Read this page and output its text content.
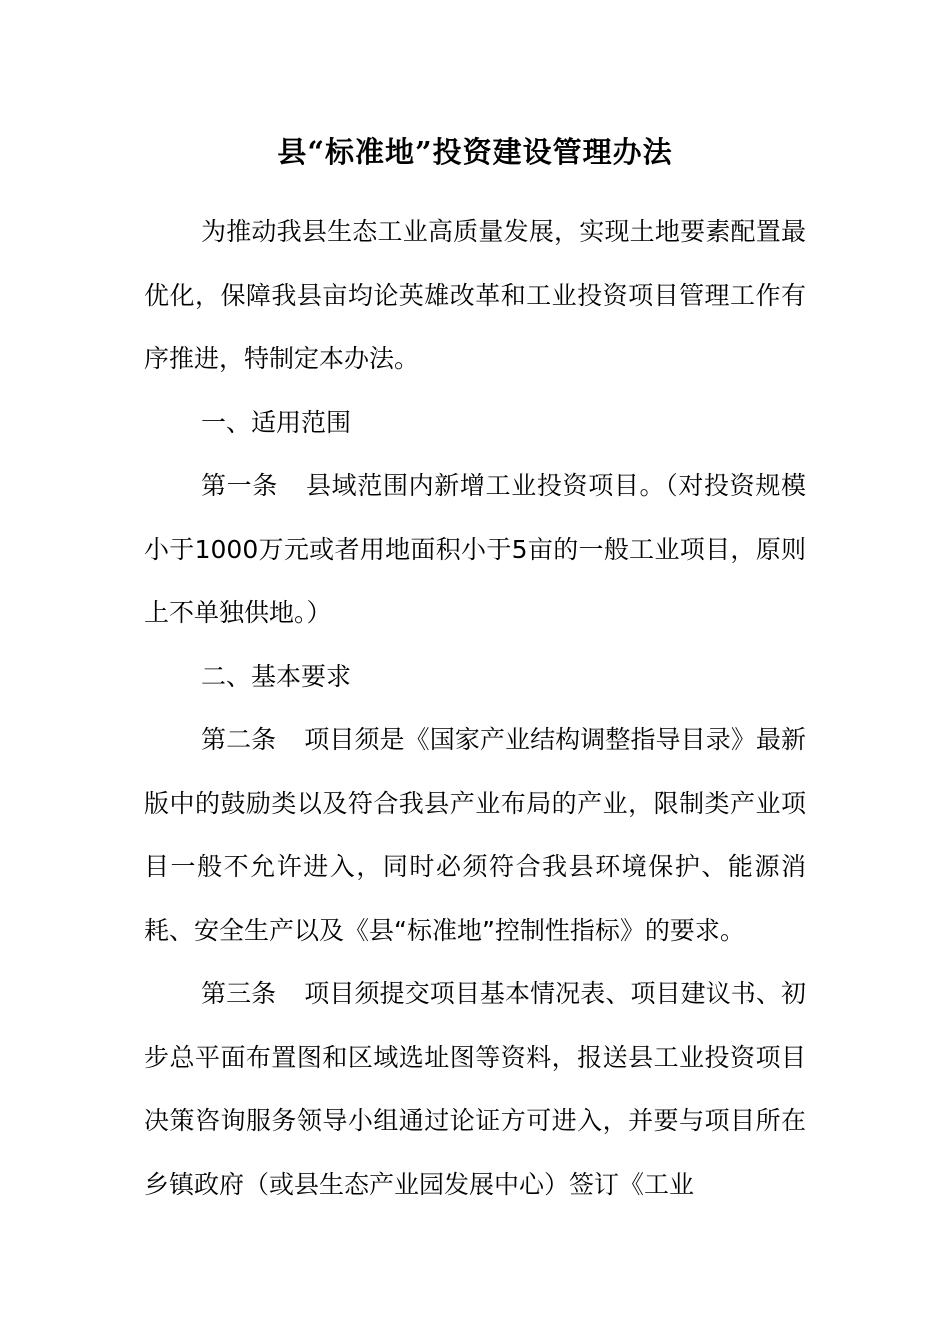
县“标准地”投资建设管理办法

为推动我县生态工业高质量发展，实现土地要素配置最优化，保障我县亩均论英雄改革和工业投资项目管理工作有序推进，特制定本办法。

一、适用范围

第一条 县域范围内新增工业投资项目。（对投资规模小于1000万元或者用地面积小于5亩的一般工业项目，原则上不单独供地。）

二、基本要求

第二条 项目须是《国家产业结构调整指导目录》最新版中的鼓励类以及符合我县产业布局的产业，限制类产业项目一般不允许进入，同时必须符合我县环境保护、能源消耗、安全生产以及《县“标准地”控制性指标》的要求。

第三条 项目须提交项目基本情况表、项目建议书、初步总平面布置图和区域选址图等资料，报送县工业投资项目决策咨询服务领导小组通过论证方可进入，并要与项目所在乡镇政府（或县生态产业园发展中心）签订《工业
